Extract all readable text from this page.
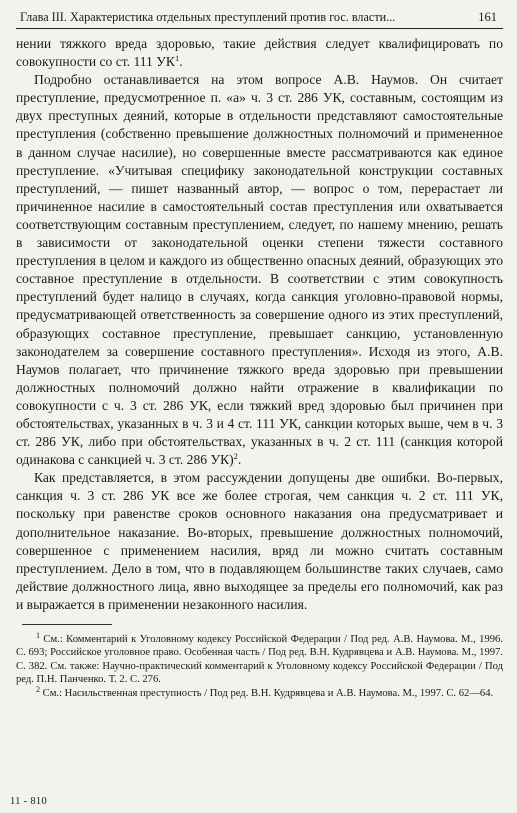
Глава III. Характеристика отдельных преступлений против гос. власти...	161

нении тяжкого вреда здоровью, такие действия следует квалифицировать по совокупности со ст. 111 $УК^1$.

Подробно останавливается на этом вопросе А.В. Наумов. Он считает преступление, предусмотренное п. «а» ч. 3 ст. 286 УК, составным, состоящим из двух преступных деяний, которые в отдельности представляют самостоятельные преступления (собственно превышение должностных полномочий и примененное в данном случае насилие), но совершенные вместе рассматриваются как единое преступление. «Учитывая специфику законодательной конструкции составных преступлений, — пишет названный автор, — вопрос о том, перерастает ли причиненное насилие в самостоятельный состав преступления или охватывается соответствующим составным преступлением, следует, по нашему мнению, решать в зависимости от законодательной оценки степени тяжести составного преступления в целом и каждого из общественно опасных деяний, образующих это составное преступление в отдельности. В соответствии с этим совокупность преступлений будет налицо в случаях, когда санкция уголовно-правовой нормы, предусматривающей ответственность за совершение одного из этих преступлений, образующих составное преступление, превышает санкцию, установленную законодателем за совершение составного преступления». Исходя из этого, А.В. Наумов полагает, что причинение тяжкого вреда здоровью при превышении должностных полномочий должно найти отражение в квалификации по совокупности с ч. 3 ст. 286 УК, если тяжкий вред здоровью был причинен при обстоятельствах, указанных в ч. 3 и 4 ст. 111 УК, санкции которых выше, чем в ч. 3 ст. 286 УК, либо при обстоятельствах, указанных в ч. 2 ст. 111 (санкция которой одинакова с санкцией ч. 3 ст. 286 УК)$^2$.

Как представляется, в этом рассуждении допущены две ошибки. Во-первых, санкция ч. 3 ст. 286 УК все же более строгая, чем санкция ч. 2 ст. 111 УК, поскольку при равенстве сроков основного наказания она предусматривает и дополнительное наказание. Во-вторых, превышение должностных полномочий, совершенное с применением насилия, вряд ли можно считать составным преступлением. Дело в том, что в подавляющем большинстве таких случаев, само действие должностного лица, явно выходящее за пределы его полномочий, как раз и выражается в применении незаконного насилия.

$^1$ См.: Комментарий к Уголовному кодексу Российской Федерации / Под ред. А.В. Наумова. М., 1996. С. 693; Российское уголовное право. Особенная часть / Под ред. В.Н. Кудрявцева и А.В. Наумова. М., 1997. С. 382. См. также: Научно-практический комментарий к Уголовному кодексу Российской Федерации / Под ред. П.Н. Панченко. Т. 2. С. 276.

$^2$ См.: Насильственная преступность / Под ред. В.Н. Кудрявцева и А.В. Наумова. М., 1997. С. 62—64.

11 - 810
